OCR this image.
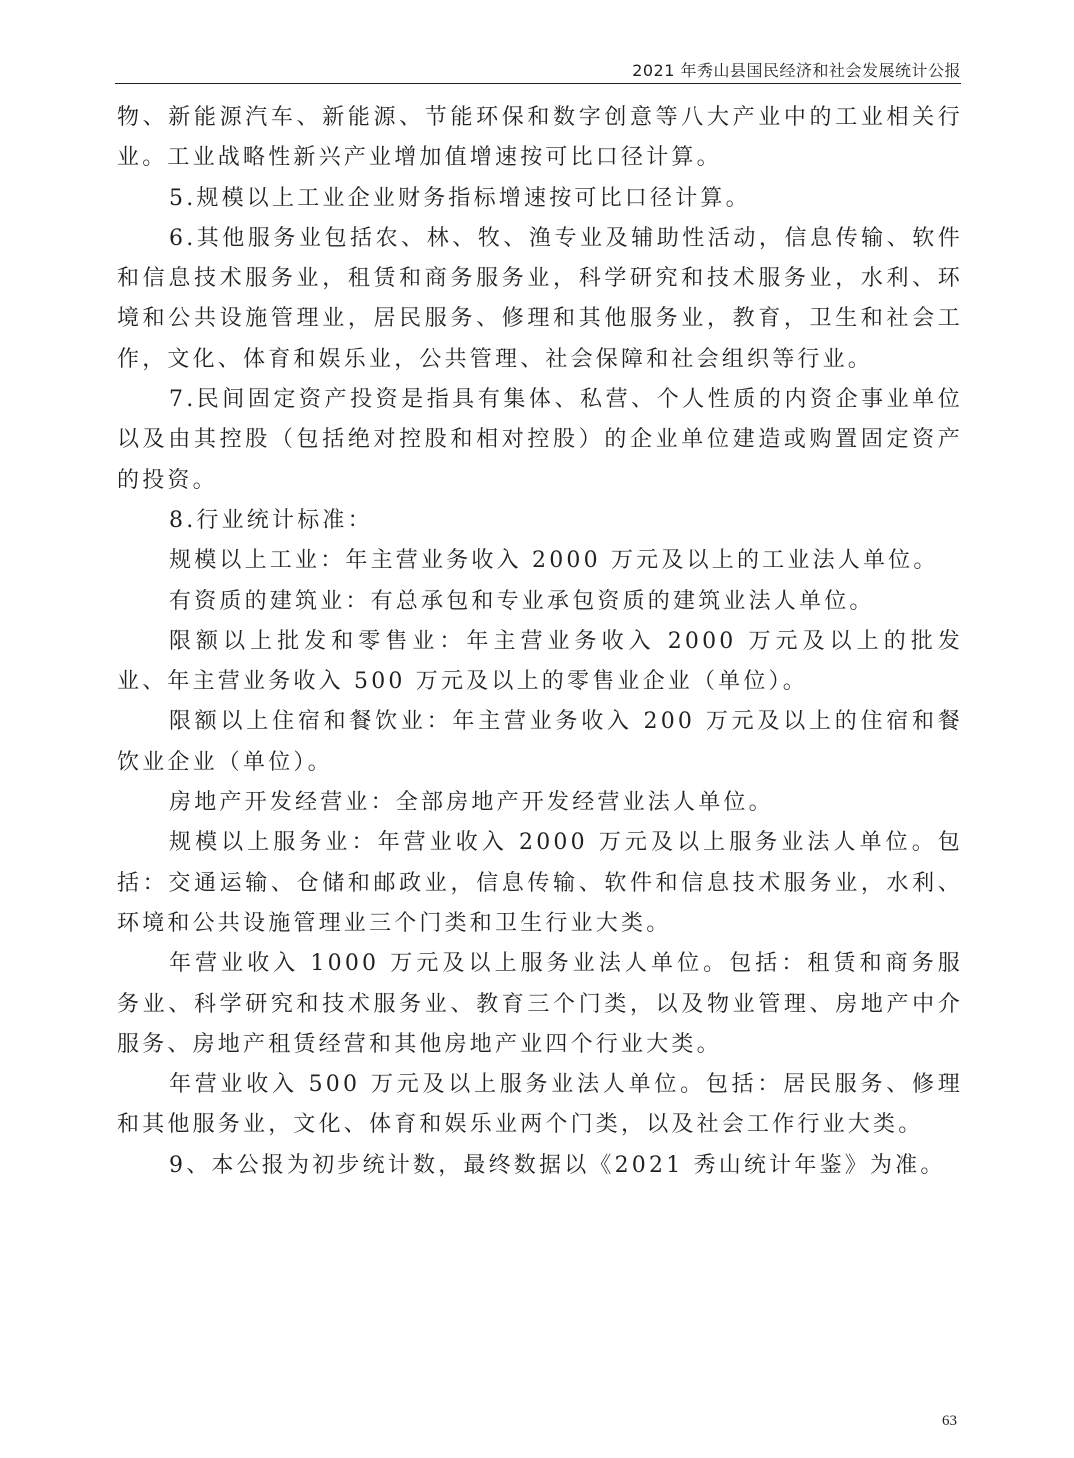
2021 年秀山县国民经济和社会发展统计公报

物、新能源汽车、新能源、节能环保和数字创意等八大产业中的工业相关行业。工业战略性新兴产业增加值增速按可比口径计算。

5.规模以上工业企业财务指标增速按可比口径计算。

6.其他服务业包括农、林、牧、渔专业及辅助性活动，信息传输、软件和信息技术服务业，租赁和商务服务业，科学研究和技术服务业，水利、环境和公共设施管理业，居民服务、修理和其他服务业，教育，卫生和社会工作，文化、体育和娱乐业，公共管理、社会保障和社会组织等行业。

7.民间固定资产投资是指具有集体、私营、个人性质的内资企事业单位以及由其控股（包括绝对控股和相对控股）的企业单位建造或购置固定资产的投资。

8.行业统计标准：

规模以上工业：年主营业务收入 2000 万元及以上的工业法人单位。

有资质的建筑业：有总承包和专业承包资质的建筑业法人单位。

限额以上批发和零售业：年主营业务收入 2000 万元及以上的批发业、年主营业务收入 500 万元及以上的零售业企业（单位）。

限额以上住宿和餐饮业：年主营业务收入 200 万元及以上的住宿和餐饮业企业（单位）。

房地产开发经营业：全部房地产开发经营业法人单位。

规模以上服务业：年营业收入 2000 万元及以上服务业法人单位。包括：交通运输、仓储和邮政业，信息传输、软件和信息技术服务业，水利、环境和公共设施管理业三个门类和卫生行业大类。

年营业收入 1000 万元及以上服务业法人单位。包括：租赁和商务服务业、科学研究和技术服务业、教育三个门类，以及物业管理、房地产中介服务、房地产租赁经营和其他房地产业四个行业大类。

年营业收入 500 万元及以上服务业法人单位。包括：居民服务、修理和其他服务业，文化、体育和娱乐业两个门类，以及社会工作行业大类。

9、本公报为初步统计数，最终数据以《2021 秀山统计年鉴》为准。

63
